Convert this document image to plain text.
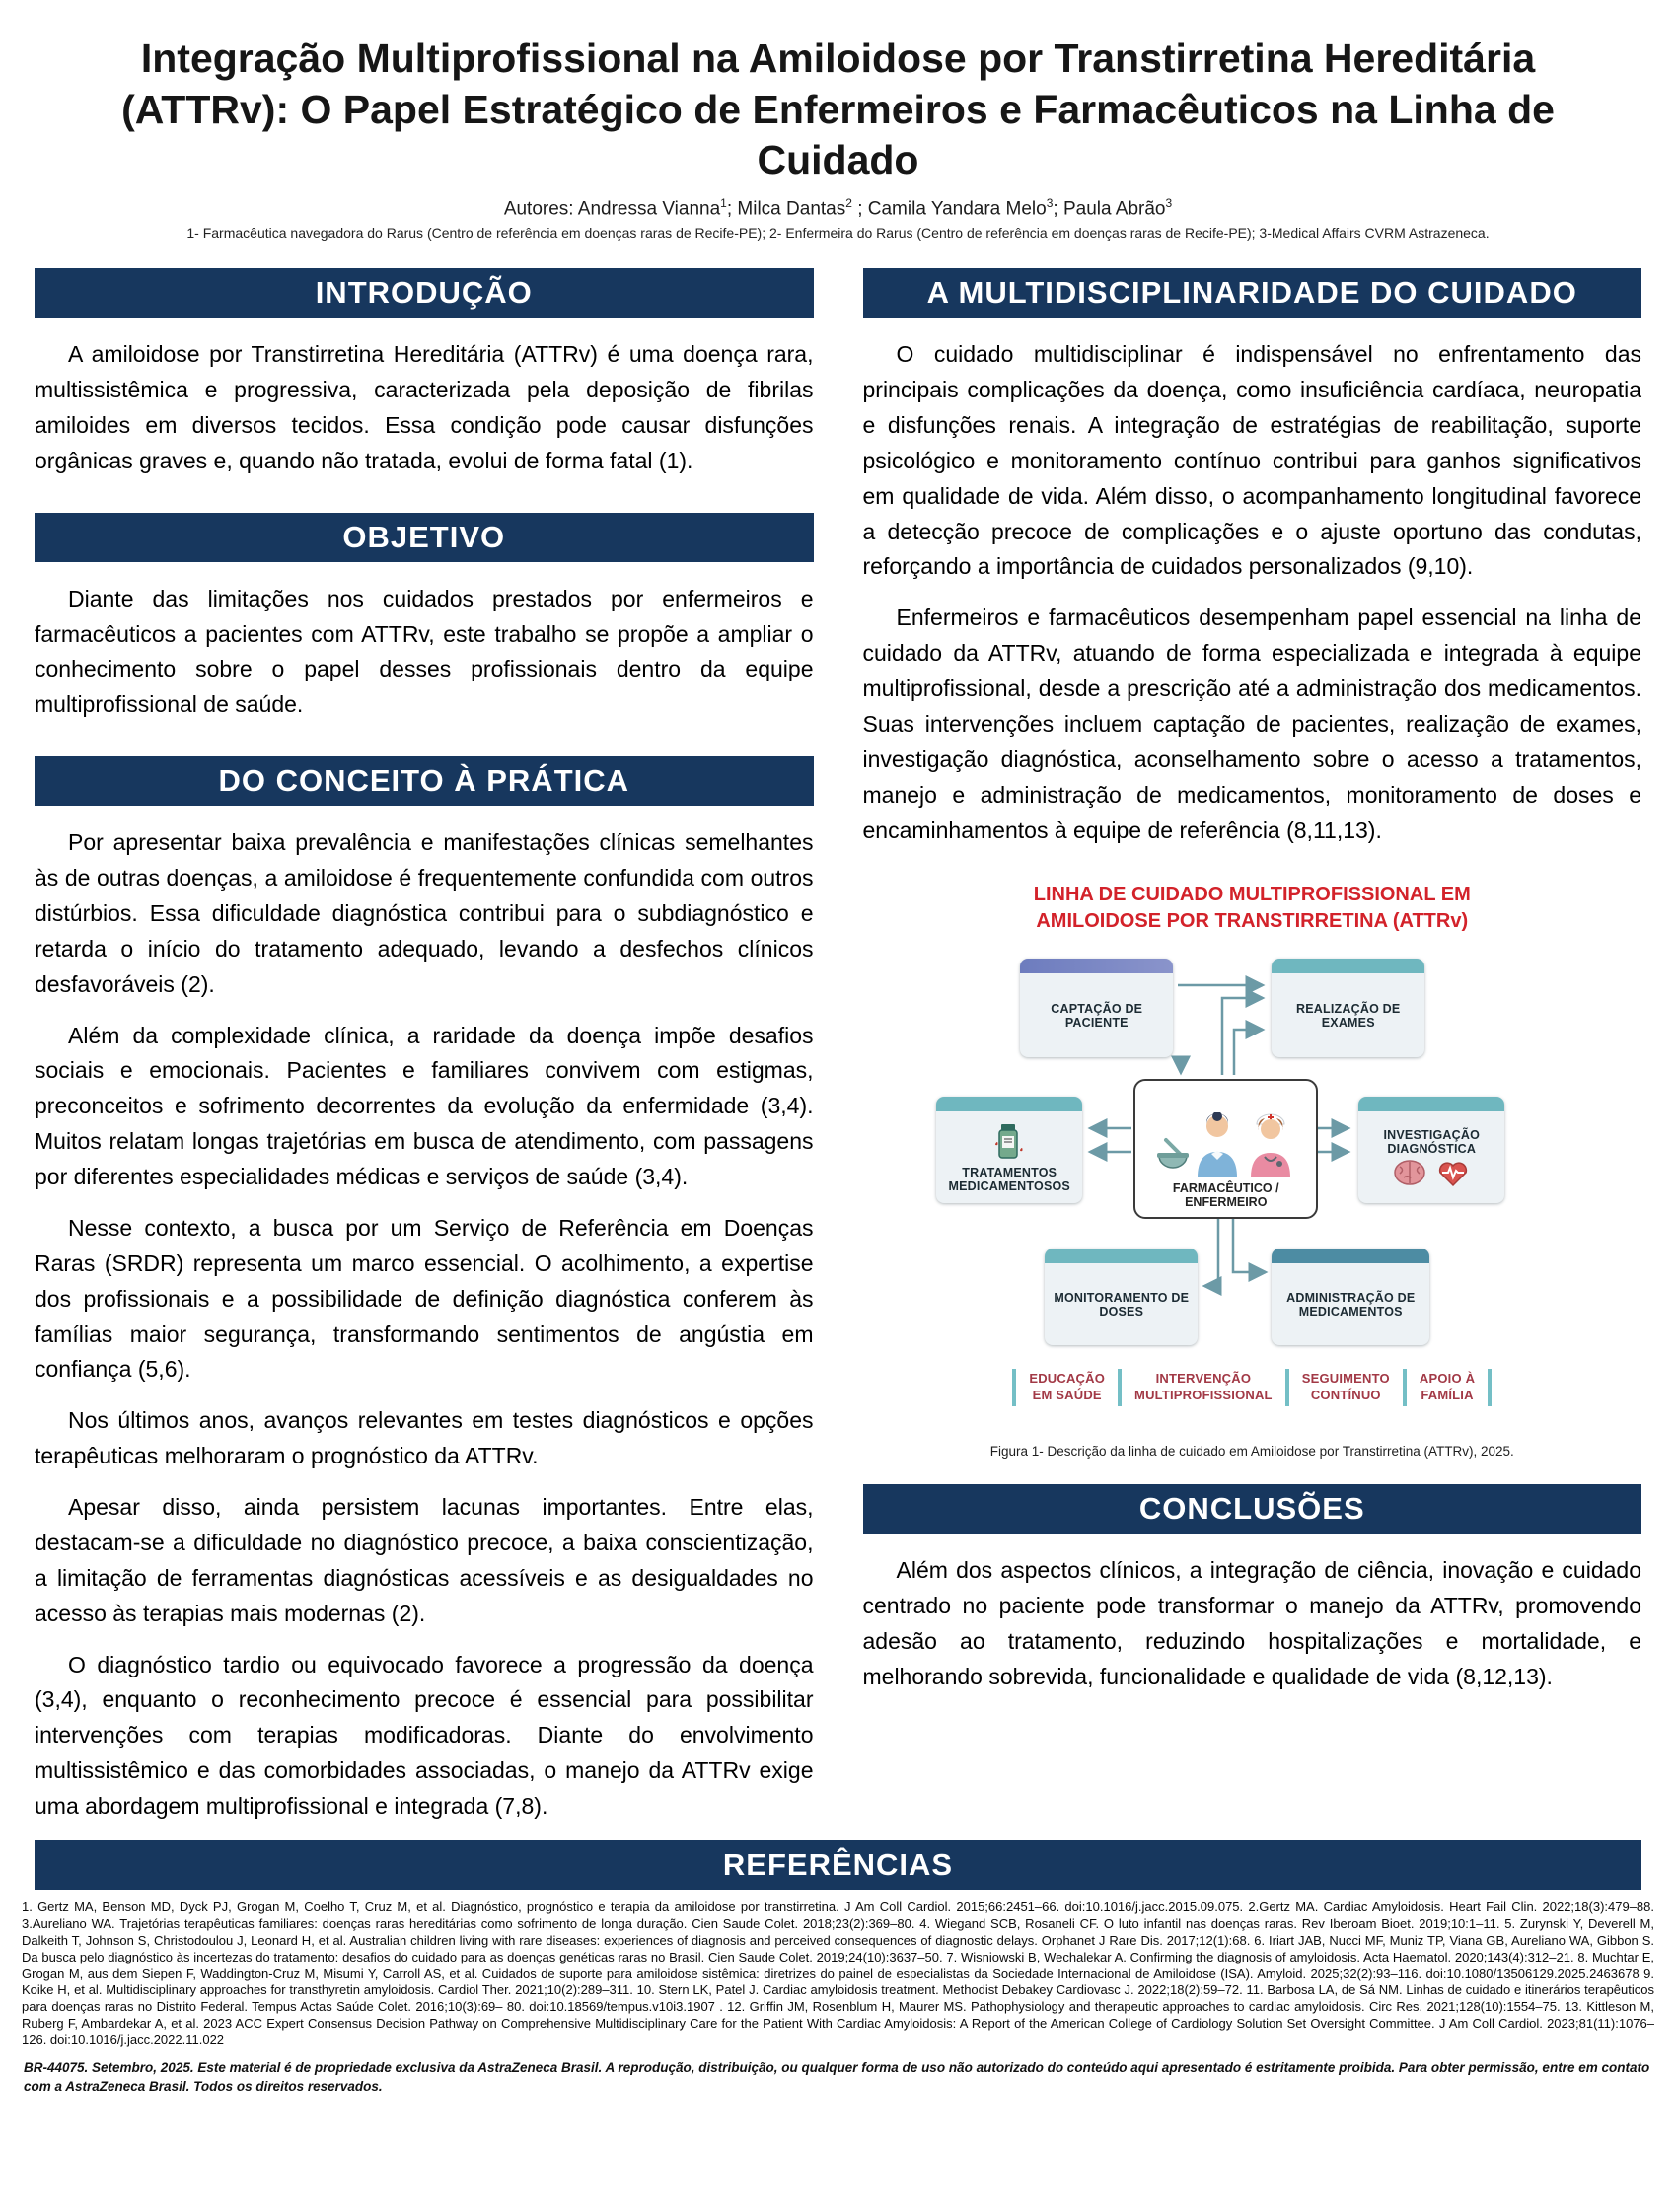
Integração Multiprofissional na Amiloidose por Transtirretina Hereditária (ATTRv): O Papel Estratégico de Enfermeiros e Farmacêuticos na Linha de Cuidado

Autores: Andressa Vianna$^1$; Milca Dantas$^2$ ; Camila Yandara Melo$^3$; Paula Abrão$^3$

1- Farmacêutica navegadora do Rarus (Centro de referência em doenças raras de Recife-PE); 2- Enfermeira do Rarus (Centro de referência em doenças raras de Recife-PE); 3-Medical Affairs CVRM Astrazeneca.

INTRODUÇÃO

A amiloidose por Transtirretina Hereditária (ATTRv) é uma doença rara, multissistêmica e progressiva, caracterizada pela deposição de fibrilas amiloides em diversos tecidos. Essa condição pode causar disfunções orgânicas graves e, quando não tratada, evolui de forma fatal (1).

OBJETIVO

Diante das limitações nos cuidados prestados por enfermeiros e farmacêuticos a pacientes com ATTRv, este trabalho se propõe a ampliar o conhecimento sobre o papel desses profissionais dentro da equipe multiprofissional de saúde.

DO CONCEITO À PRÁTICA

Por apresentar baixa prevalência e manifestações clínicas semelhantes às de outras doenças, a amiloidose é frequentemente confundida com outros distúrbios. Essa dificuldade diagnóstica contribui para o subdiagnóstico e retarda o início do tratamento adequado, levando a desfechos clínicos desfavoráveis (2).

Além da complexidade clínica, a raridade da doença impõe desafios sociais e emocionais. Pacientes e familiares convivem com estigmas, preconceitos e sofrimento decorrentes da evolução da enfermidade (3,4). Muitos relatam longas trajetórias em busca de atendimento, com passagens por diferentes especialidades médicas e serviços de saúde (3,4).

Nesse contexto, a busca por um Serviço de Referência em Doenças Raras (SRDR) representa um marco essencial. O acolhimento, a expertise dos profissionais e a possibilidade de definição diagnóstica conferem às famílias maior segurança, transformando sentimentos de angústia em confiança (5,6).

Nos últimos anos, avanços relevantes em testes diagnósticos e opções terapêuticas melhoraram o prognóstico da ATTRv.

Apesar disso, ainda persistem lacunas importantes. Entre elas, destacam-se a dificuldade no diagnóstico precoce, a baixa conscientização, a limitação de ferramentas diagnósticas acessíveis e as desigualdades no acesso às terapias mais modernas (2).

O diagnóstico tardio ou equivocado favorece a progressão da doença (3,4), enquanto o reconhecimento precoce é essencial para possibilitar intervenções com terapias modificadoras. Diante do envolvimento multissistêmico e das comorbidades associadas, o manejo da ATTRv exige uma abordagem multiprofissional e integrada (7,8).

A MULTIDISCIPLINARIDADE DO CUIDADO

O cuidado multidisciplinar é indispensável no enfrentamento das principais complicações da doença, como insuficiência cardíaca, neuropatia e disfunções renais. A integração de estratégias de reabilitação, suporte psicológico e monitoramento contínuo contribui para ganhos significativos em qualidade de vida. Além disso, o acompanhamento longitudinal favorece a detecção precoce de complicações e o ajuste oportuno das condutas, reforçando a importância de cuidados personalizados (9,10).

Enfermeiros e farmacêuticos desempenham papel essencial na linha de cuidado da ATTRv, atuando de forma especializada e integrada à equipe multiprofissional, desde a prescrição até a administração dos medicamentos. Suas intervenções incluem captação de pacientes, realização de exames, investigação diagnóstica, aconselhamento sobre o acesso a tratamentos, manejo e administração de medicamentos, monitoramento de doses e encaminhamentos à equipe de referência (8,11,13).

LINHA DE CUIDADO MULTIPROFISSIONAL EM
AMILOIDOSE POR TRANSTIRRETINA (ATTRv)
CAPTAÇÃO DE PACIENTE
REALIZAÇÃO DE EXAMES
TRATAMENTOS MEDICAMENTOSOS	FARMACÊUTICO / ENFERMEIRO
INVESTIGAÇÃO DIAGNÓSTICA
MONITORAMENTO DE DOSES
ADMINISTRAÇÃO DE MEDICAMENTOS
EDUCAÇÃO
EM SAÚDE
INTERVENÇÃO
MULTIPROFISSIONAL
SEGUIMENTO
CONTÍNUO
APOIO À
FAMÍLIA

Figura 1- Descrição da linha de cuidado em Amiloidose por Transtirretina (ATTRv), 2025.

CONCLUSÕES

Além dos aspectos clínicos, a integração de ciência, inovação e cuidado centrado no paciente pode transformar o manejo da ATTRv, promovendo adesão ao tratamento, reduzindo hospitalizações e mortalidade, e melhorando sobrevida, funcionalidade e qualidade de vida (8,12,13).

REFERÊNCIAS

1. Gertz MA, Benson MD, Dyck PJ, Grogan M, Coelho T, Cruz M, et al. Diagnóstico, prognóstico e terapia da amiloidose por transtirretina. J Am Coll Cardiol. 2015;66:2451–66. doi:10.1016/j.jacc.2015.09.075. 2.Gertz MA. Cardiac Amyloidosis. Heart Fail Clin. 2022;18(3):479–88. 3.Aureliano WA. Trajetórias terapêuticas familiares: doenças raras hereditárias como sofrimento de longa duração. Cien Saude Colet. 2018;23(2):369–80. 4. Wiegand SCB, Rosaneli CF. O luto infantil nas doenças raras. Rev Iberoam Bioet. 2019;10:1–11. 5. Zurynski Y, Deverell M, Dalkeith T, Johnson S, Christodoulou J, Leonard H, et al. Australian children living with rare diseases: experiences of diagnosis and perceived consequences of diagnostic delays. Orphanet J Rare Dis. 2017;12(1):68. 6. Iriart JAB, Nucci MF, Muniz TP, Viana GB, Aureliano WA, Gibbon S. Da busca pelo diagnóstico às incertezas do tratamento: desafios do cuidado para as doenças genéticas raras no Brasil. Cien Saude Colet. 2019;24(10):3637–50. 7. Wisniowski B, Wechalekar A. Confirming the diagnosis of amyloidosis. Acta Haematol. 2020;143(4):312–21. 8. Muchtar E, Grogan M, aus dem Siepen F, Waddington-Cruz M, Misumi Y, Carroll AS, et al. Cuidados de suporte para amiloidose sistêmica: diretrizes do painel de especialistas da Sociedade Internacional de Amiloidose (ISA). Amyloid. 2025;32(2):93–116. doi:10.1080/13506129.2025.2463678 9. Koike H, et al. Multidisciplinary approaches for transthyretin amyloidosis. Cardiol Ther. 2021;10(2):289–311. 10. Stern LK, Patel J. Cardiac amyloidosis treatment. Methodist Debakey Cardiovasc J. 2022;18(2):59–72. 11. Barbosa LA, de Sá NM. Linhas de cuidado e itinerários terapêuticos para doenças raras no Distrito Federal. Tempus Actas Saúde Colet. 2016;10(3):69– 80. doi:10.18569/tempus.v10i3.1907 . 12. Griffin JM, Rosenblum H, Maurer MS. Pathophysiology and therapeutic approaches to cardiac amyloidosis. Circ Res. 2021;128(10):1554–75. 13. Kittleson M, Ruberg F, Ambardekar A, et al. 2023 ACC Expert Consensus Decision Pathway on Comprehensive Multidisciplinary Care for the Patient With Cardiac Amyloidosis: A Report of the American College of Cardiology Solution Set Oversight Committee. J Am Coll Cardiol. 2023;81(11):1076–126. doi:10.1016/j.jacc.2022.11.022

BR-44075. Setembro, 2025. Este material é de propriedade exclusiva da AstraZeneca Brasil. A reprodução, distribuição, ou qualquer forma de uso não autorizado do conteúdo aqui apresentado é estritamente proibida. Para obter permissão, entre em contato com a AstraZeneca Brasil. Todos os direitos reservados.
